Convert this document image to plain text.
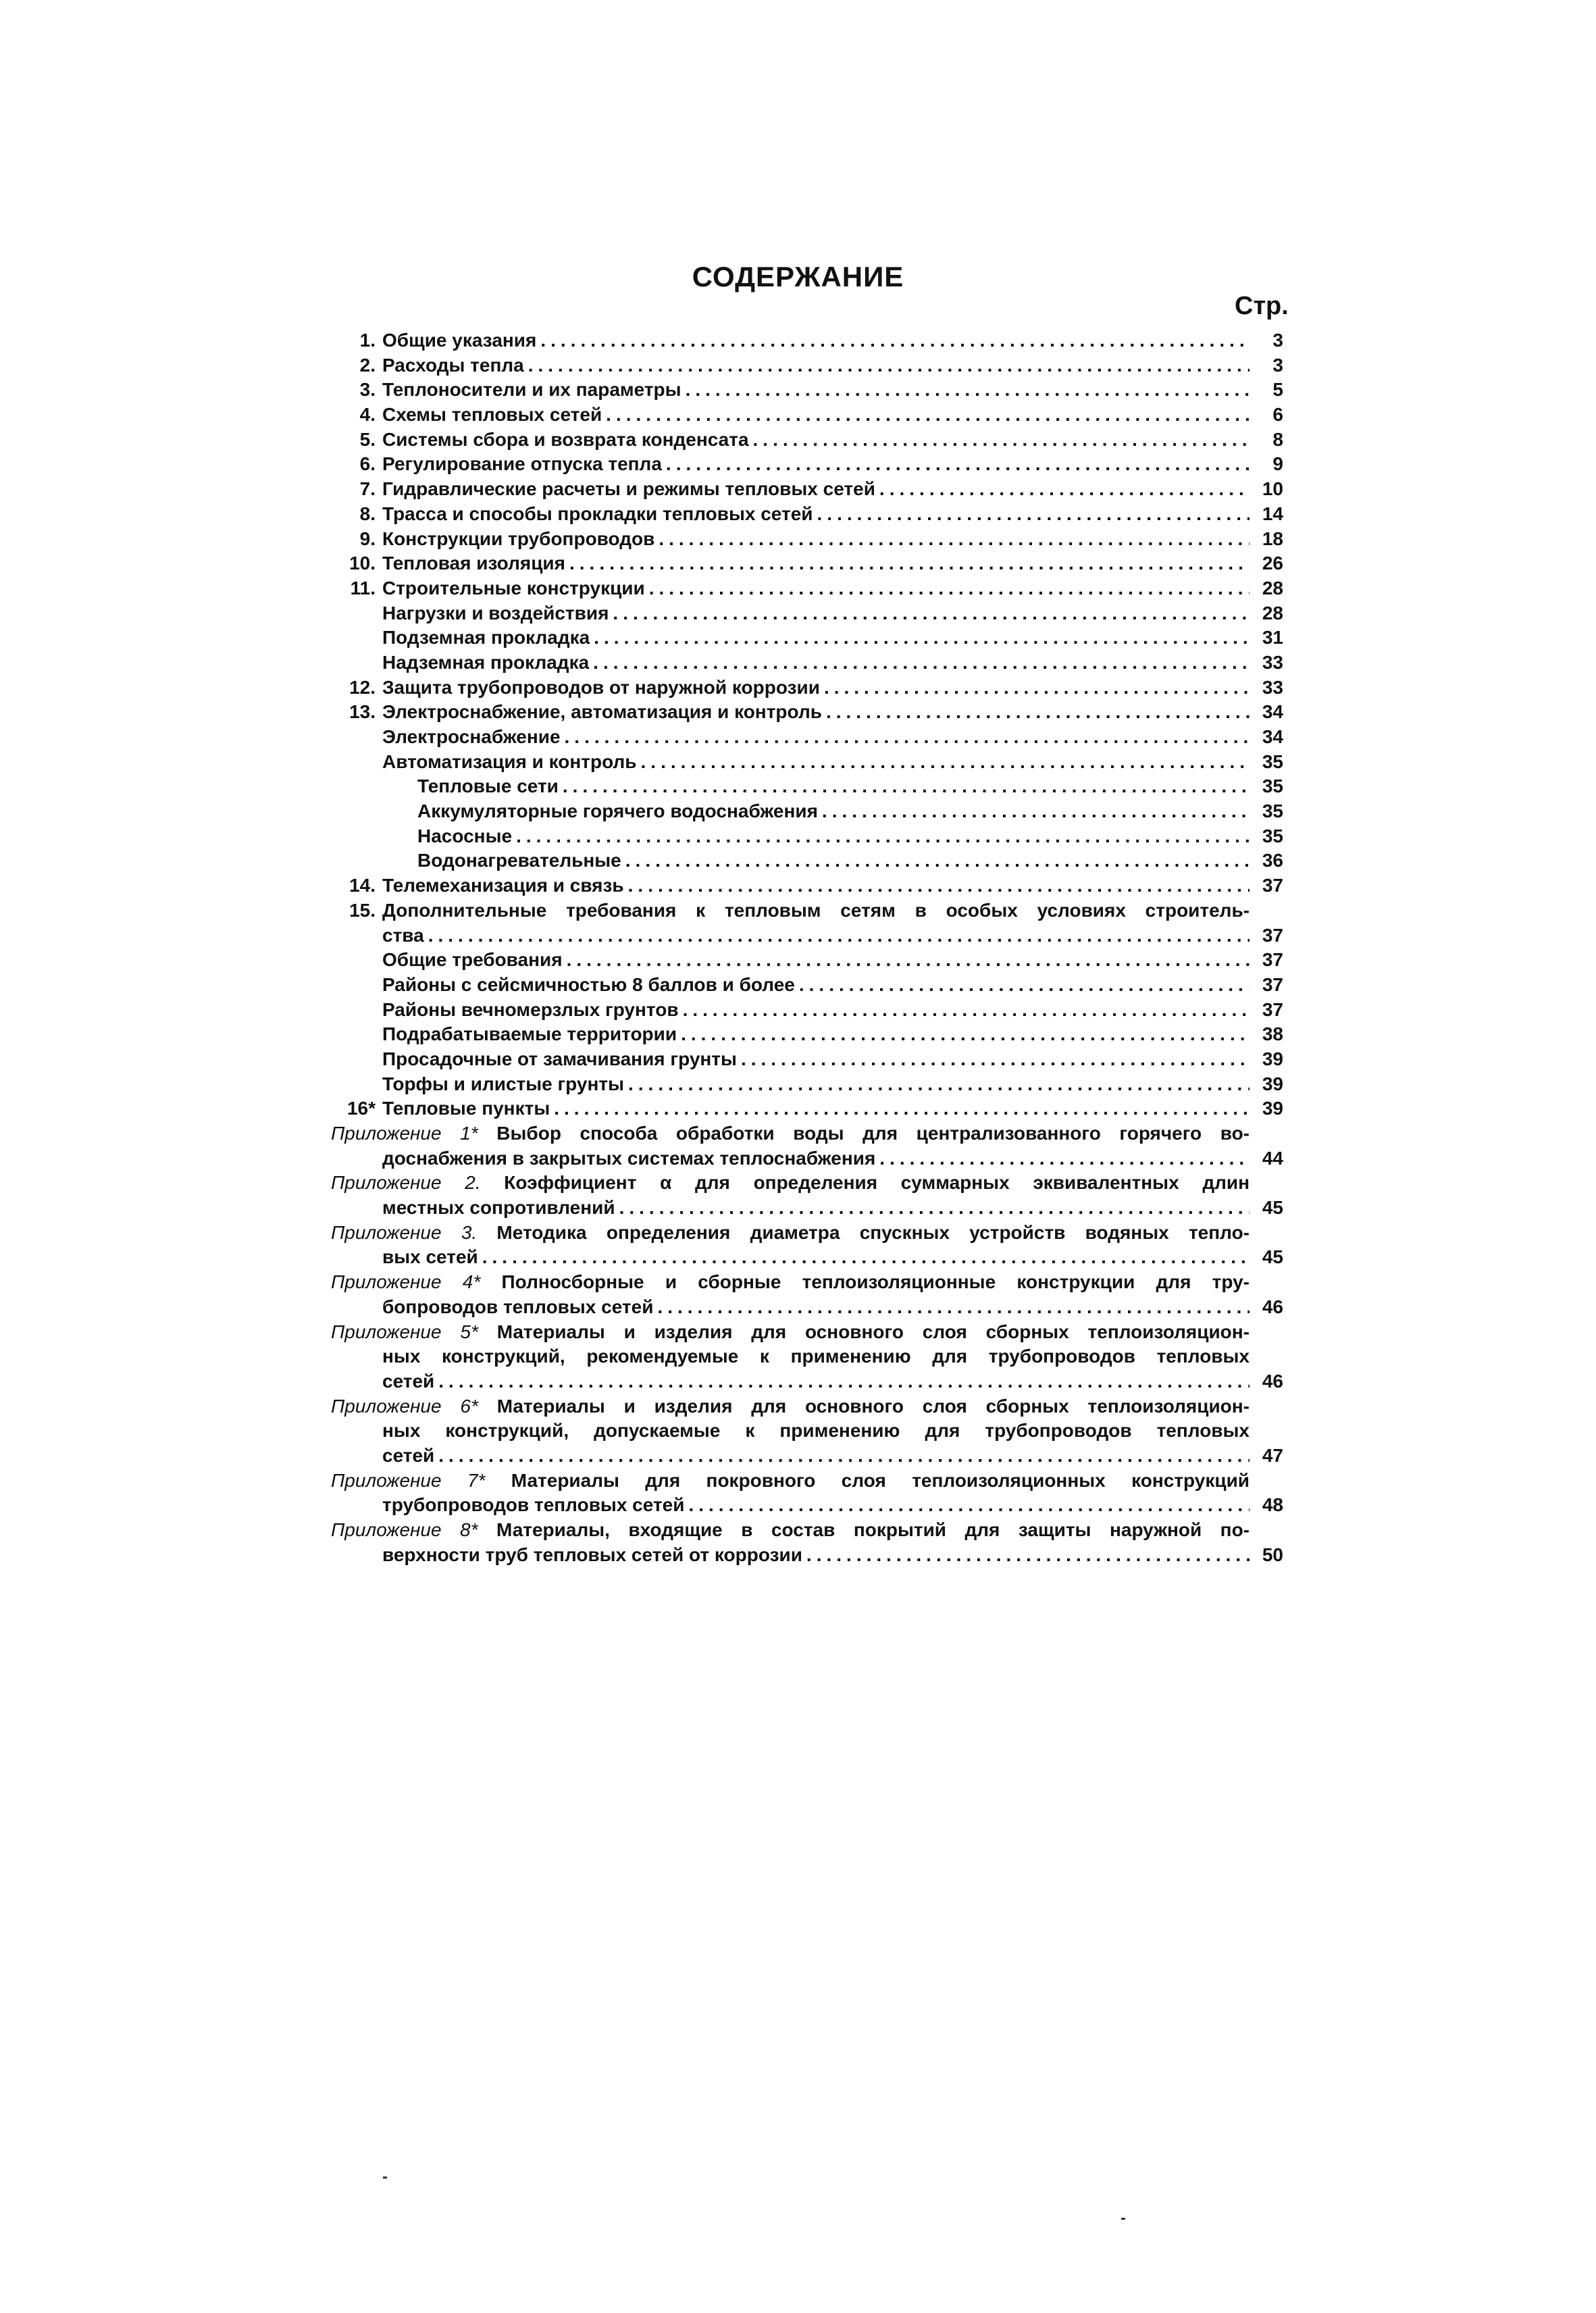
СОДЕРЖАНИЕ
Стр.
1. Общие указания .....	3
2. Расходы тепла .....	3
3. Теплоносители и их параметры .....	5
4. Схемы тепловых сетей .....	6
5. Системы сбора и возврата конденсата .....	8
6. Регулирование отпуска тепла .....	9
7. Гидравлические расчеты и режимы тепловых сетей .....	10
8. Трасса и способы прокладки тепловых сетей .....	14
9. Конструкции трубопроводов .....	18
10. Тепловая изоляция .....	26
11. Строительные конструкции .....	28
Нагрузки и воздействия .....	28
Подземная прокладка .....	31
Надземная прокладка .....	33
12. Защита трубопроводов от наружной коррозии .....	33
13. Электроснабжение, автоматизация и контроль .....	34
Электроснабжение .....	34
Автоматизация и контроль .....	35
Тепловые сети .....	35
Аккумуляторные горячего водоснабжения .....	35
Насосные .....	35
Водонагревательные .....	36
14. Телемеханизация и связь .....	37
15. Дополнительные требования к тепловым сетям в особых условиях строитель-
ства .....	37
Общие требования .....	37
Районы с сейсмичностью 8 баллов и более .....	37
Районы вечномерзлых грунтов .....	37
Подрабатываемые территории .....	38
Просадочные от замачивания грунты .....	39
Торфы и илистые грунты .....	39
16* Тепловые пункты .....	39
Приложение 1* Выбор способа обработки воды для централизованного горячего во-
доснабжения в закрытых системах теплоснабжения .....	44
Приложение 2. Коэффициент α для определения суммарных эквивалентных длин
местных сопротивлений .....	45
Приложение 3. Методика определения диаметра спускных устройств водяных тепло-
вых сетей .....	45
Приложение 4* Полносборные и сборные теплоизоляционные конструкции для тру-
бопроводов тепловых сетей .....	46
Приложение 5* Материалы и изделия для основного слоя сборных теплоизоляцион-
ных конструкций, рекомендуемые к применению для трубопроводов тепловых
сетей .....	46
Приложение 6* Материалы и изделия для основного слоя сборных теплоизоляцион-
ных конструкций, допускаемые к применению для трубопроводов тепловых
сетей .....	47
Приложение 7* Материалы для покровного слоя теплоизоляционных конструкций
трубопроводов тепловых сетей .....	48
Приложение 8* Материалы, входящие в состав покрытий для защиты наружной по-
верхности труб тепловых сетей от коррозии .....	50
